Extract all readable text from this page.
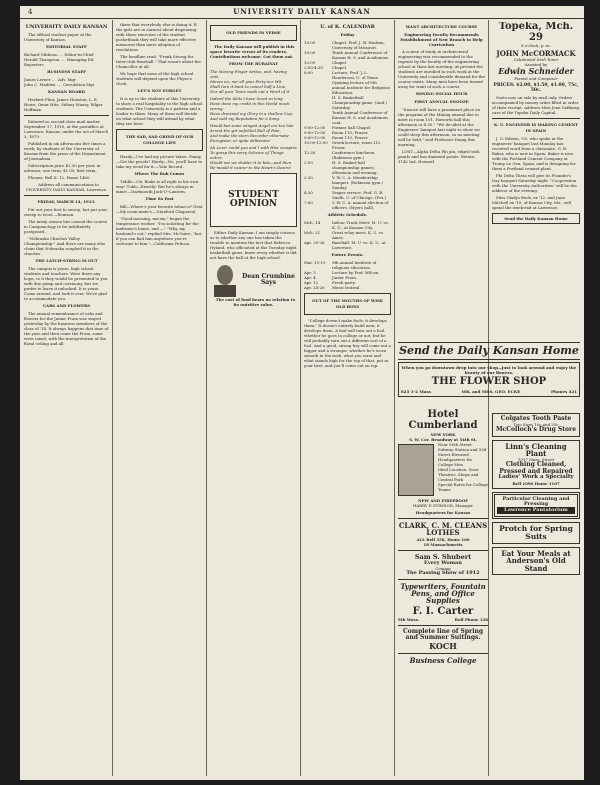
4	UNIVERSITY DAILY KANSAN
UNIVERSITY DAILY KANSAN

The official student paper of the University of Kansas.

EDITORIAL STAFF
Richard Gibbons .... Editor-in-Chief
Harold Thompson .... Managing Ed.
Reporters
BUSINESS STAFF
James Lerner .... Adv. Mgr
John C. Madden .... Circulation Mgr
KANSAN BOARD

Herbert Flint, James Houston, L. E. Howe, Omar Hite, Sidney Maury, Edgar Hoffman

Entered as second-class mail matter September 17, 1910, at the postoffice at Lawrence, Kansas, under the act of March 3, 1879.

Published in six afternoons five times a week, by students of the University of Kansas from the press of the Department of Journalism.

Subscription price $2.50 per year, in advance; one term, $1.00; first term,

Phones: Bell K. 12. Home 1460.

Address all communications to UNIVERSITY DAILY KANSAN, Lawrence.

FRIDAY, MARCH 14, 1913.

Put out your foot to sweep, but put your sweep to trust.—Remson.

The misty season has caused the course in Campanology to be indefinitely postponed.

"Nebraska Clinches Valley Championship." And there are many who claim that Nebraska roughed it in the clinches.

THE LATCH-STRING IS OUT

The campus is yours, high school students and teachers. Were there any hope, to it they would be presented to you with due pomp and ceremony, but we prefer to leave it unlocked. It is yours. Come around, and look it over. We're glad to accommodate you.

CARS AND FLOWERS

The annual remembrance of cabs and flowers for the Junior Prom was stayed yesterday by the business members of the class of '14. It always happens that time of the year and then came the Prom, some were taxed, with the interpretation of the floral ceiling and all.

there that everybody else is doing it. If the girls are in earnest about dispensing with these exercises of the student pocketbook they will take more effective measures than mere adoption of resolutions.

The headline read, "Frank Strong for Inter-club Baseball." That wasn't about the Chancellor at all.

We hope that none of the high school students will depend upon the Physics clock.

LET'S NOT FORGET

It is up to the students of this University to show a real hospitality to the high school students. The University is a pattern and a leader to them. Many of them will decide on what school they will attend by what they see here.

THE SAD, SAD GRIND OF OUR COLLEGE LIFE

Hardy—I've had my picture taken. Fanny—Got the proofs? Hardy—No, you'll have to take my word for it.—Yale Record.

Where The Rub Comes

Tiddle—Oh, Binks is all right in his own way! Tubb—Exactly! But he's always in mine!—Dartmouth Jack-O'-Lantern.

Time So Fast

Bill—Where's your favorite tobacco? Gent—My room-mate's.—Stanford Chaparral.

"Good morning, ma'am," began the temperance worker. "I'm soliciting for the inebriate's home, and —" "Why, my husband's out," replied Mrs. McGuire, "but if you can find him anywhere you're welcome to him."—California Pelican.

OLD FRIENDS IN VERSE

The Daily Kansan will publish in this space favorite verses of its readers. Contributions welcome. Cut them out.

FROM THE RUBAIYAT
The Moving Finger writes, and, having writ,
Moves on; nor all your Piety nor Wit
Shall lure it back to cancel half a Line,
Nor all your Tears wash out a Word of it.
Indeed the Idols I have loved so long
Have done my credit in this World much wrong;
Have drowned my Glory in a shallow Cup,
And sold my Reputation for a Song.
Would but some winged Angel ere too late
Arrest the yet unfolded Roll of Fate,
And make the stern Recorder otherwise
Enregister, or quite obliterate!
Ah Love! could you and I with Him conspire
To grasp this sorry Scheme of Things entire,
Would not we shatter it to bits—and then
Re-mould it nearer to the Heart's Desire!
STUDENT OPINION

Editor Daily Kansan: I am simply curious as to whether any one has taken the trouble to mention the fact that Rebecca Hyland, who officiated at the Tuesday night basketball game, knew every whether it did not have the ball at the high school.

Dean Crumbine Says

The cost of food bears no relation to its nutritive value.

U. of K. CALENDAR
Friday
10:00	Chapel. Prof. J. W. Hudson, University of Missouri.
10:00	Tenth Annual Conference of Kansas H. S. and Academies.
12:00	Chapel.
2:00-4:30	Chapel.
8:00	Lecture, Prof. J. L. Henderson, U. of Texas.
Opening lecture of 9th annual Institute for Religious Education.
H. S. Basketball Championship game. (Aud.)
Saturday
Tenth Annual Conference of Kansas H. S. and Academies cont.
9:00-12:00	Former hall Chapel.
9:00-12:00	Room 115, Fraser.
9:00-12:00	Room 110, Fraser.
10:00-12:00	Greek lecture, room 112 Fraser.
12:30	Conference luncheon. (Robinson gym.)
2:00	H. S. Basket-ball championship games, afternoon and evening.
2:30	Y. W. C. A. Membership banquet. (Robinson gym.)
Sunday
4:30	Vesper service. Prof. G. B. Smith, U. of Chicago. (Fra.)
7:00	Y. W. C. A. annual election of officers. (Myers hall).
Athletic Schedule.
Mch. 14	Indoor Track Meet: M. U. vs. K. U., at Kansas City.
Mch. 21	Great relay meet, K. U. vs. Ames.
Apr. 25-26	Baseball: M. U. vs. K. U., at Lawrence.
Future Events.
Mar. 13-19	9th annual Institute of religious education.
Apr. 3	Lecture by Prof. Wilcox.
Apr. 4	Junior Prom.
Apr. 12	Fresh party.
Apr. 24-26	Music festival.
OUT OF THE MOUTHS OF WISE OLD BOYS

"College doesn't make fools; it develops them." It doesn't entirely build men; it develops them. A fool will turn out a fool, whether he goes to college or not; but he will probably turn out a different sort of a fool. And a good, strong boy will come out a bigger and a stronger, whether he's worn smooth in the rush, what you want and what stands high for the top of that, put in your best, and you'll come out on top.

WANT ARCHITECTURE COURSE

Engineering Faculty Recommends Establishment of New Branch to Help Curriculum

A course of study in architectural engineering was recommended to the regents by the faculty of the engineering school at their last meeting. At present the students are enrolled in such work at the University and considerable demand for the course exists. Many men have been turned away for want of such a course.

MINING SOCIAL HOUR
FIRST ANNUAL SNOOZE

"Snooze will have a prominent place on the program of the Mining annual due to meet in room 101, Haworth hall this afternoon at 4:30." "We decided at the Engineers' banquet last night to show we could sleep this afternoon, so no meeting will be held," said Professor Young this morning.

LOST—Alpha Delta Phi pin, edged with pearls and has diamond points. Return 1142 Ind. Howard.

Send the Daily Kansan Home
When you go downtown drop into our shop—just to look around and enjoy the beauty of our flowers.
THE FLOWER SHOP
825 1-2 Mass	MR. and MRS. GEO. ECKE	Phones 421
Hotel Cumberland
NEW YORK
S. W. Cor. Broadway at 54th St.
Near 50th Street Subway Station and 53d Street Elevated
Headquarters for College Men
Ideal Location. Near Theatres, Shops and Central Park
Special Rates for College Teams
NEW AND FIREPROOF
HARRY P. STIMSON, Manager
Headquarters for Kansas
CLARK, C. M. CLEANS LOTHES
ALL Bell 358, Home 160
18 Massachusetts
Sam S. Shubert
Every Woman
Coming
The Passing Show of 1912
Typewriters, Fountain Pens, and Office Supplies
F. I. Carter
9th Mass.	Bell Phone 128
Complete line of Spring and Summer Suitings.
KOCH
Business College
Topeka, Mch. 29
8 o'clock, p. m.
JOHN McCORMACK
Celebrated Irish Tenor
Assisted by
Edwin Schneider
Pianist and Composer
PRICES: $2.00, $1.50, $1.00, 75c, 50c.

Seats now on sale by mail only. Orders accompanied by money order filled in order of their receipt. Address Miss Jean Gaffaney, care of the Topeka Daily Capital.

K. U. ENGINEER IS MAKING CEMENT IN SPAIN

J. O. Edison, '05, who spoke at the engineers' banquet last Monday has received word from a classmate, G. B. Baker, who is now in Spain. Baker is now with the Portland Cement Company at Tromp Le Gen, Spain, and is designing for them a Portland cement plant.

Phi Delta Theta will give its Founder's Day banquet Saturday night. "Cooperation with the University Authorities" will be the address of the evening.

Miss Gladys Beck, ex '12, and Juan Mitchell ex '10, of Kansas City, Mo., will spend the week-end at Lawrence.

Send the Daily Kansan Home
Colgates Tooth Paste
Two Sizes 10c and 25c
McColloch's Drug Store
Linn's Cleaning Plant
1017 Mass. Street
Clothing Cleaned, Pressed and Repaired
Ladies' Work a Specialty
Bell 1090 Home 1107
Particular Cleaning and Pressing
Lawrence Pantatorium
Protch for Spring Suits
Eat Your Meals at Anderson's Old Stand
